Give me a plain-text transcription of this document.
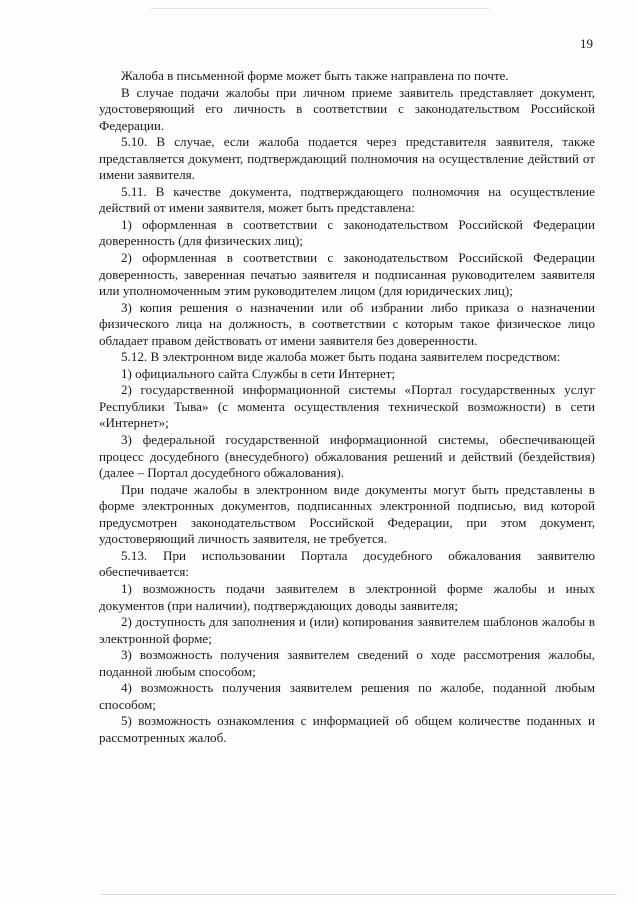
19

Жалоба в письменной форме может быть также направлена по почте.

В случае подачи жалобы при личном приеме заявитель представляет документ, удостоверяющий его личность в соответствии с законодательством Российской Федерации.

5.10. В случае, если жалоба подается через представителя заявителя, также представляется документ, подтверждающий полномочия на осуществление действий от имени заявителя.

5.11. В качестве документа, подтверждающего полномочия на осуществление действий от имени заявителя, может быть представлена:

1) оформленная в соответствии с законодательством Российской Федерации доверенность (для физических лиц);

2) оформленная в соответствии с законодательством Российской Федерации доверенность, заверенная печатью заявителя и подписанная руководителем заявителя или уполномоченным этим руководителем лицом (для юридических лиц);

3) копия решения о назначении или об избрании либо приказа о назначении физического лица на должность, в соответствии с которым такое физическое лицо обладает правом действовать от имени заявителя без доверенности.

5.12. В электронном виде жалоба может быть подана заявителем посредством:

1) официального сайта Службы в сети Интернет;

2) государственной информационной системы «Портал государственных услуг Республики Тыва» (с момента осуществления технической возможности) в сети «Интернет»;

3) федеральной государственной информационной системы, обеспечивающей процесс досудебного (внесудебного) обжалования решений и действий (бездействия) (далее – Портал досудебного обжалования).

При подаче жалобы в электронном виде документы могут быть представлены в форме электронных документов, подписанных электронной подписью, вид которой предусмотрен законодательством Российской Федерации, при этом документ, удостоверяющий личность заявителя, не требуется.

5.13. При использовании Портала досудебного обжалования заявителю обеспечивается:

1) возможность подачи заявителем в электронной форме жалобы и иных документов (при наличии), подтверждающих доводы заявителя;

2) доступность для заполнения и (или) копирования заявителем шаблонов жалобы в электронной форме;

3) возможность получения заявителем сведений о ходе рассмотрения жалобы, поданной любым способом;

4) возможность получения заявителем решения по жалобе, поданной любым способом;

5) возможность ознакомления с информацией об общем количестве поданных и рассмотренных жалоб.
